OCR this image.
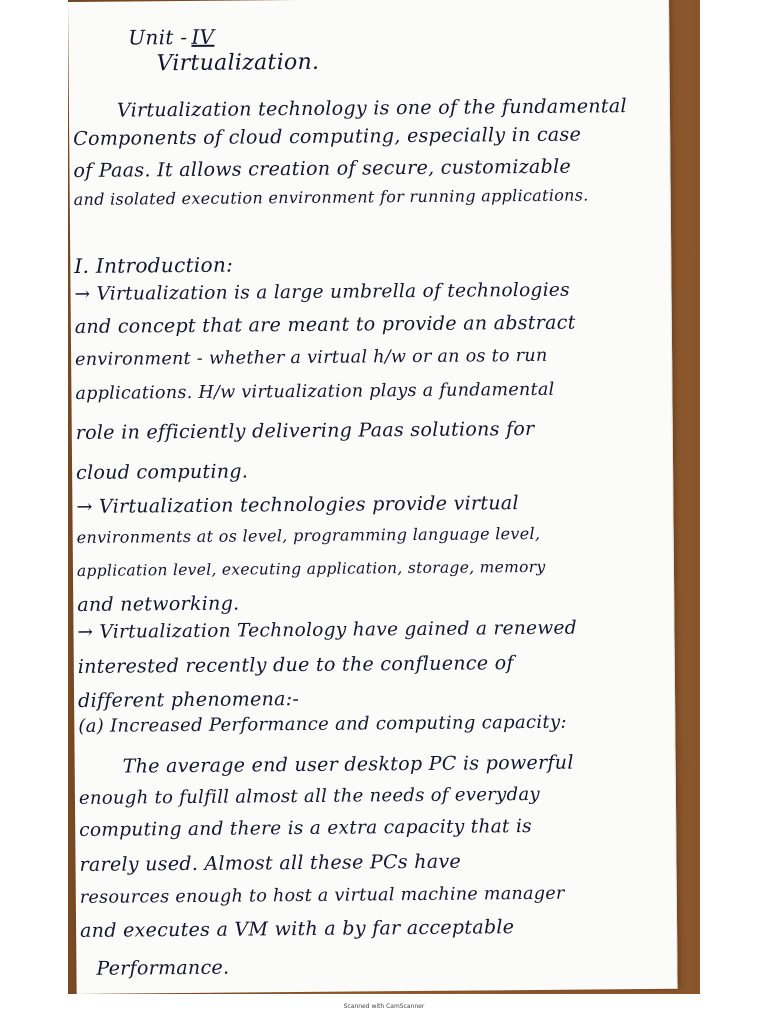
Unit - IV
Virtualization.
Virtualization technology is one of the fundamental
Components of cloud computing, especially in case
of Paas. It allows creation of secure, customizable
and isolated execution environment for running applications.
I. Introduction:
→ Virtualization is a large umbrella of technologies
and concept that are meant to provide an abstract
environment - whether a virtual h/w or an os to run
applications. H/w virtualization plays a fundamental
role in efficiently delivering Paas solutions for
cloud computing.
→ Virtualization technologies provide virtual
environments at os level, programming language level,
application level, executing application, storage, memory
and networking.
→ Virtualization Technology have gained a renewed
interested recently due to the confluence of
different phenomena:-
(a) Increased Performance and computing capacity:
The average end user desktop PC is powerful
enough to fulfill almost all the needs of everyday
computing and there is a extra capacity that is
rarely used. Almost all these PCs have
resources enough to host a virtual machine manager
and executes a VM with a by far acceptable
Performance.
Scanned with CamScanner
